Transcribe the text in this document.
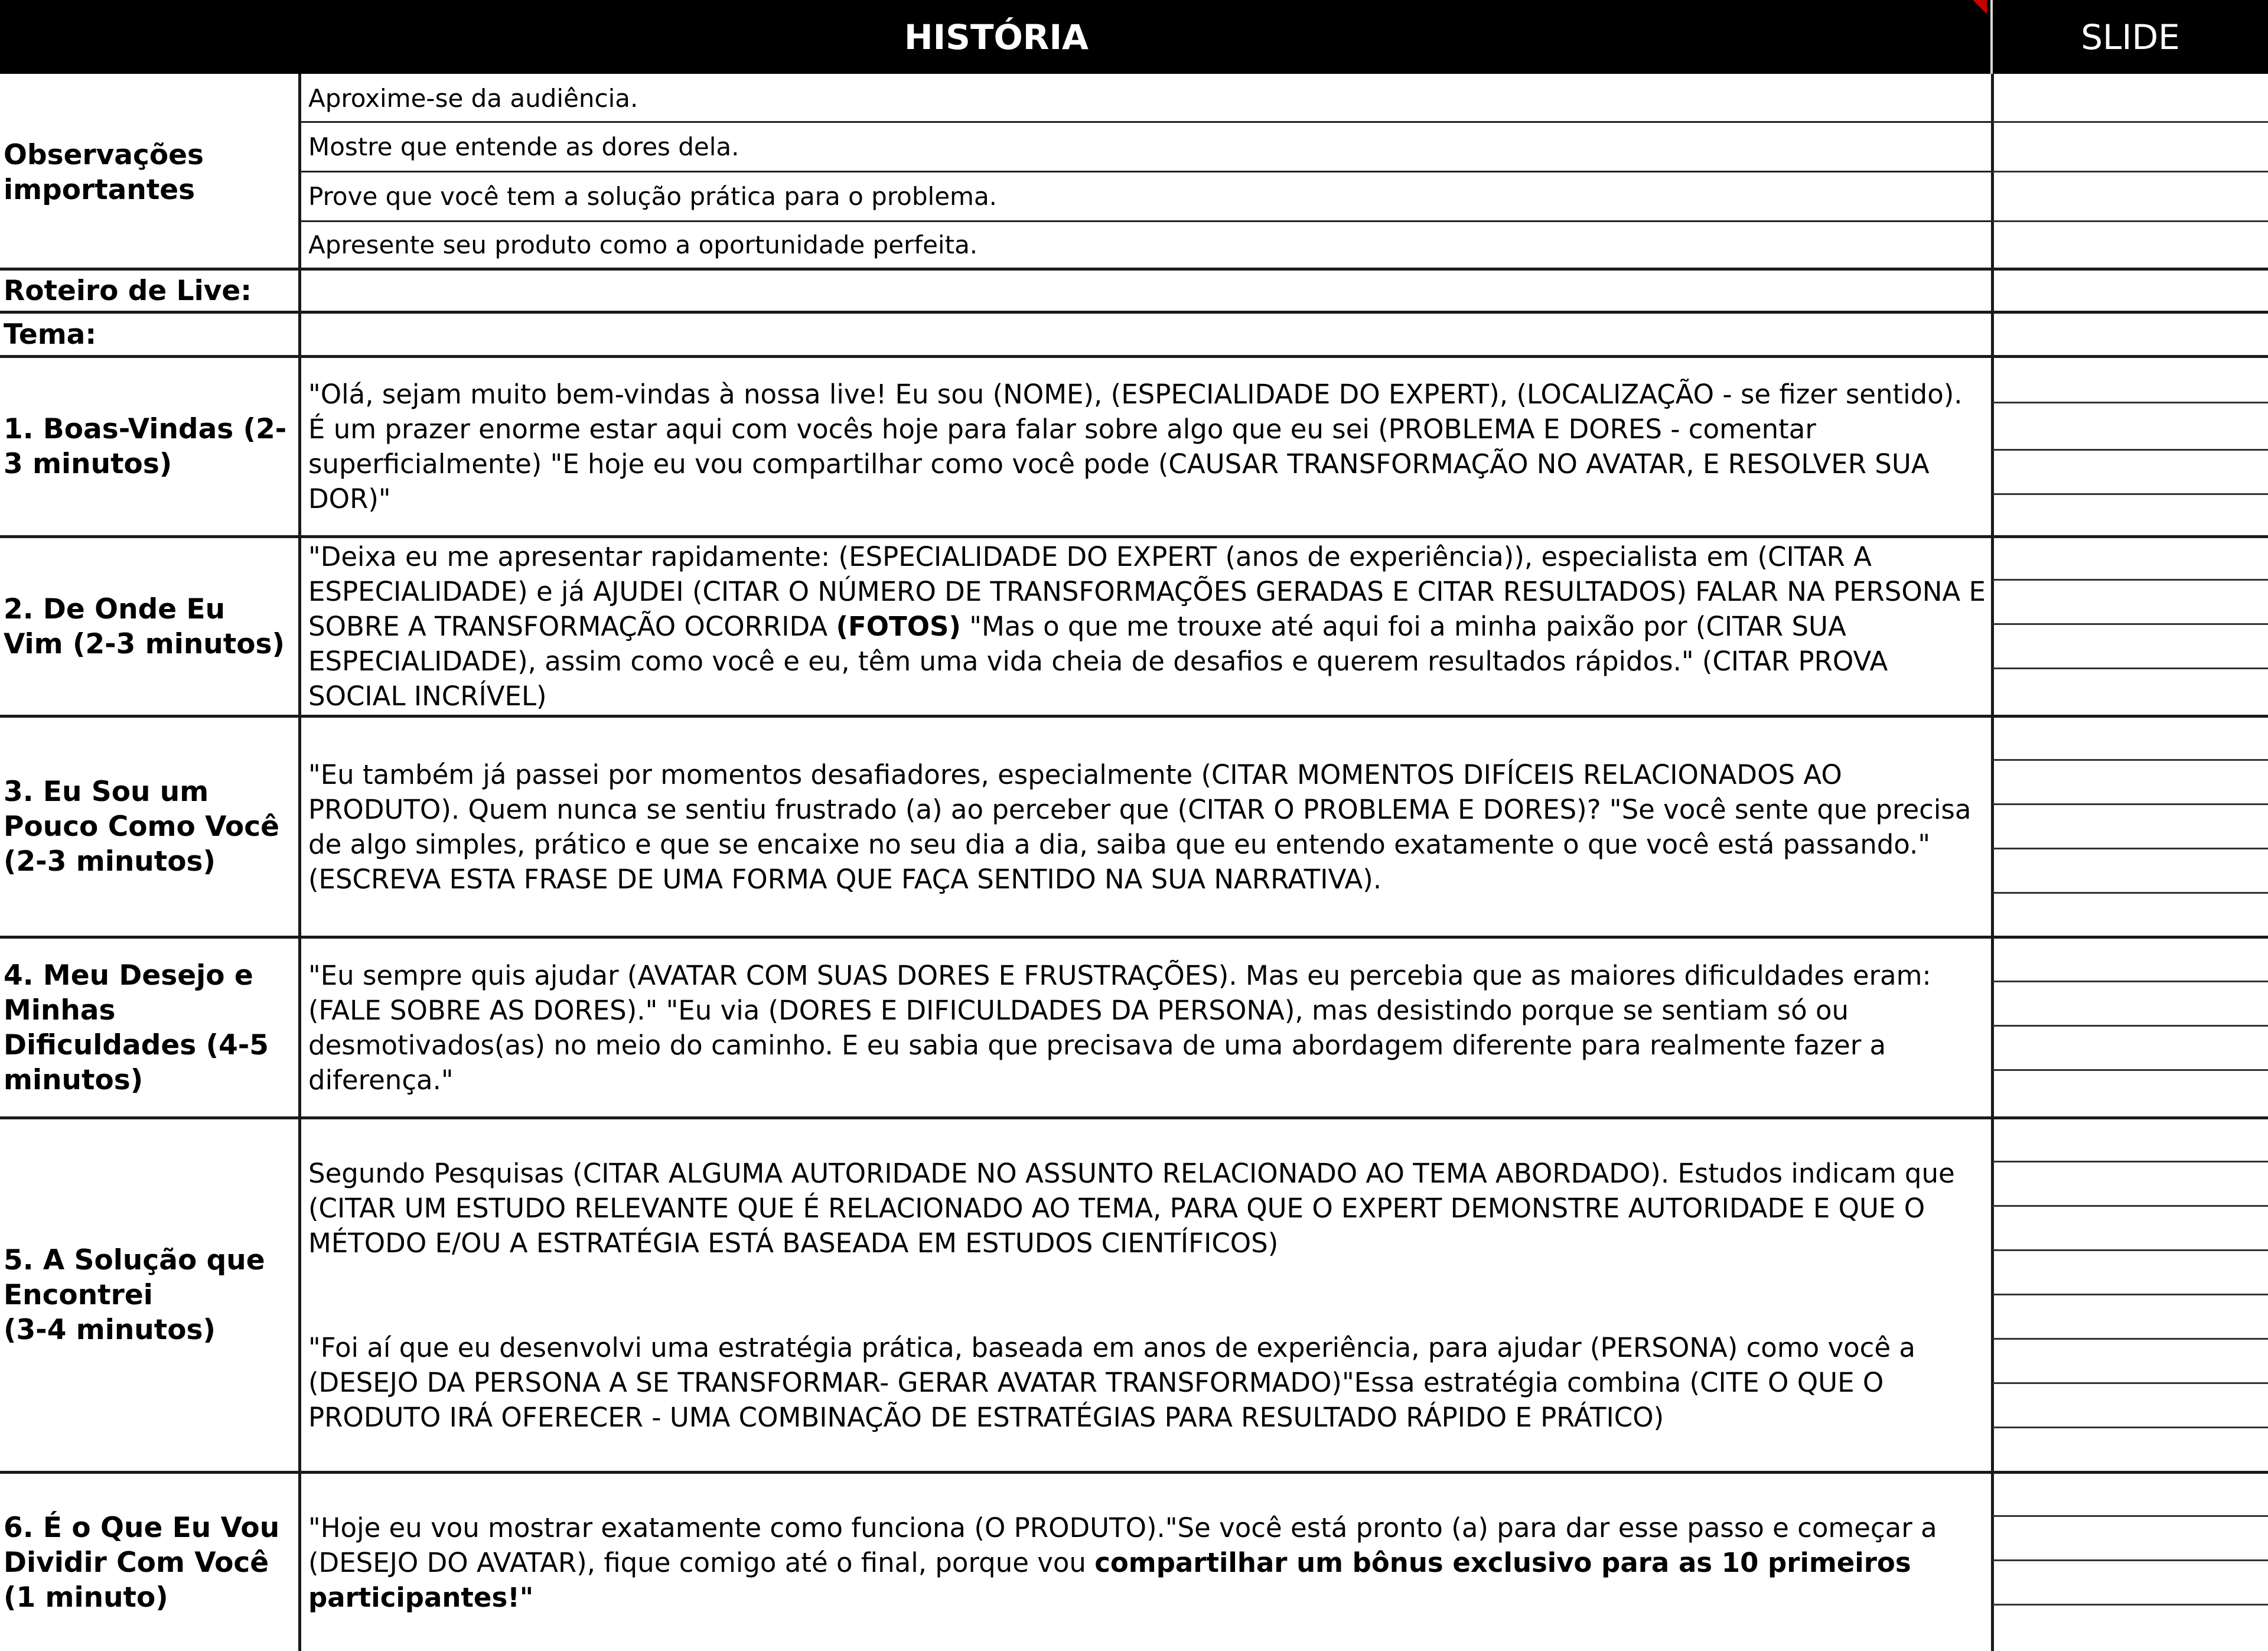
HISTÓRIA	SLIDE
Observações
importantes
Aproxime-se da audiência.
Mostre que entende as dores dela.
Prove que você tem a solução prática para o problema.
Apresente seu produto como a oportunidade perfeita.
Roteiro de Live:
Tema:
1. Boas-Vindas (2-
3 minutos)
"Olá, sejam muito bem-vindas à nossa live! Eu sou (NOME), (ESPECIALIDADE DO EXPERT), (LOCALIZAÇÃO - se fizer sentido). É um prazer enorme estar aqui com vocês hoje para falar sobre algo que eu sei (PROBLEMA E DORES - comentar superficialmente) "E hoje eu vou compartilhar como você pode (CAUSAR TRANSFORMAÇÃO NO AVATAR, E RESOLVER SUA DOR)"
2. De Onde Eu
Vim (2-3 minutos)
"Deixa eu me apresentar rapidamente: (ESPECIALIDADE DO EXPERT (anos de experiência)), especialista em (CITAR A ESPECIALIDADE) e já AJUDEI (CITAR O NÚMERO DE TRANSFORMAÇÕES GERADAS E CITAR RESULTADOS) FALAR NA PERSONA E SOBRE A TRANSFORMAÇÃO OCORRIDA (FOTOS) "Mas o que me trouxe até aqui foi a minha paixão por (CITAR SUA ESPECIALIDADE), assim como você e eu, têm uma vida cheia de desafios e querem resultados rápidos." (CITAR PROVA SOCIAL INCRÍVEL)
3. Eu Sou um
Pouco Como Você
(2-3 minutos)
"Eu também já passei por momentos desafiadores, especialmente (CITAR MOMENTOS DIFÍCEIS RELACIONADOS AO PRODUTO). Quem nunca se sentiu frustrado (a) ao perceber que (CITAR O PROBLEMA E DORES)? "Se você sente que precisa de algo simples, prático e que se encaixe no seu dia a dia, saiba que eu entendo exatamente o que você está passando." (ESCREVA ESTA FRASE DE UMA FORMA QUE FAÇA SENTIDO NA SUA NARRATIVA).
4. Meu Desejo e
Minhas
Dificuldades (4-5
minutos)
"Eu sempre quis ajudar (AVATAR COM SUAS DORES E FRUSTRAÇÕES). Mas eu percebia que as maiores dificuldades eram: (FALE SOBRE AS DORES)." "Eu via (DORES E DIFICULDADES DA PERSONA), mas desistindo porque se sentiam só ou desmotivados(as) no meio do caminho. E eu sabia que precisava de uma abordagem diferente para realmente fazer a diferença."
5. A Solução que
Encontrei
(3-4 minutos)
Segundo Pesquisas (CITAR ALGUMA AUTORIDADE NO ASSUNTO RELACIONADO AO TEMA ABORDADO). Estudos indicam que (CITAR UM ESTUDO RELEVANTE QUE É RELACIONADO AO TEMA, PARA QUE O EXPERT DEMONSTRE AUTORIDADE E QUE O MÉTODO E/OU A ESTRATÉGIA ESTÁ BASEADA EM ESTUDOS CIENTÍFICOS)
"Foi aí que eu desenvolvi uma estratégia prática, baseada em anos de experiência, para ajudar (PERSONA) como você a (DESEJO DA PERSONA A SE TRANSFORMAR- GERAR AVATAR TRANSFORMADO)"Essa estratégia combina (CITE O QUE O PRODUTO IRÁ OFERECER - UMA COMBINAÇÃO DE ESTRATÉGIAS PARA RESULTADO RÁPIDO E PRÁTICO)
6. É o Que Eu Vou
Dividir Com Você
(1 minuto)
"Hoje eu vou mostrar exatamente como funciona (O PRODUTO)."Se você está pronto (a) para dar esse passo e começar a (DESEJO DO AVATAR), fique comigo até o final, porque vou compartilhar um bônus exclusivo para as 10 primeiros participantes!"
